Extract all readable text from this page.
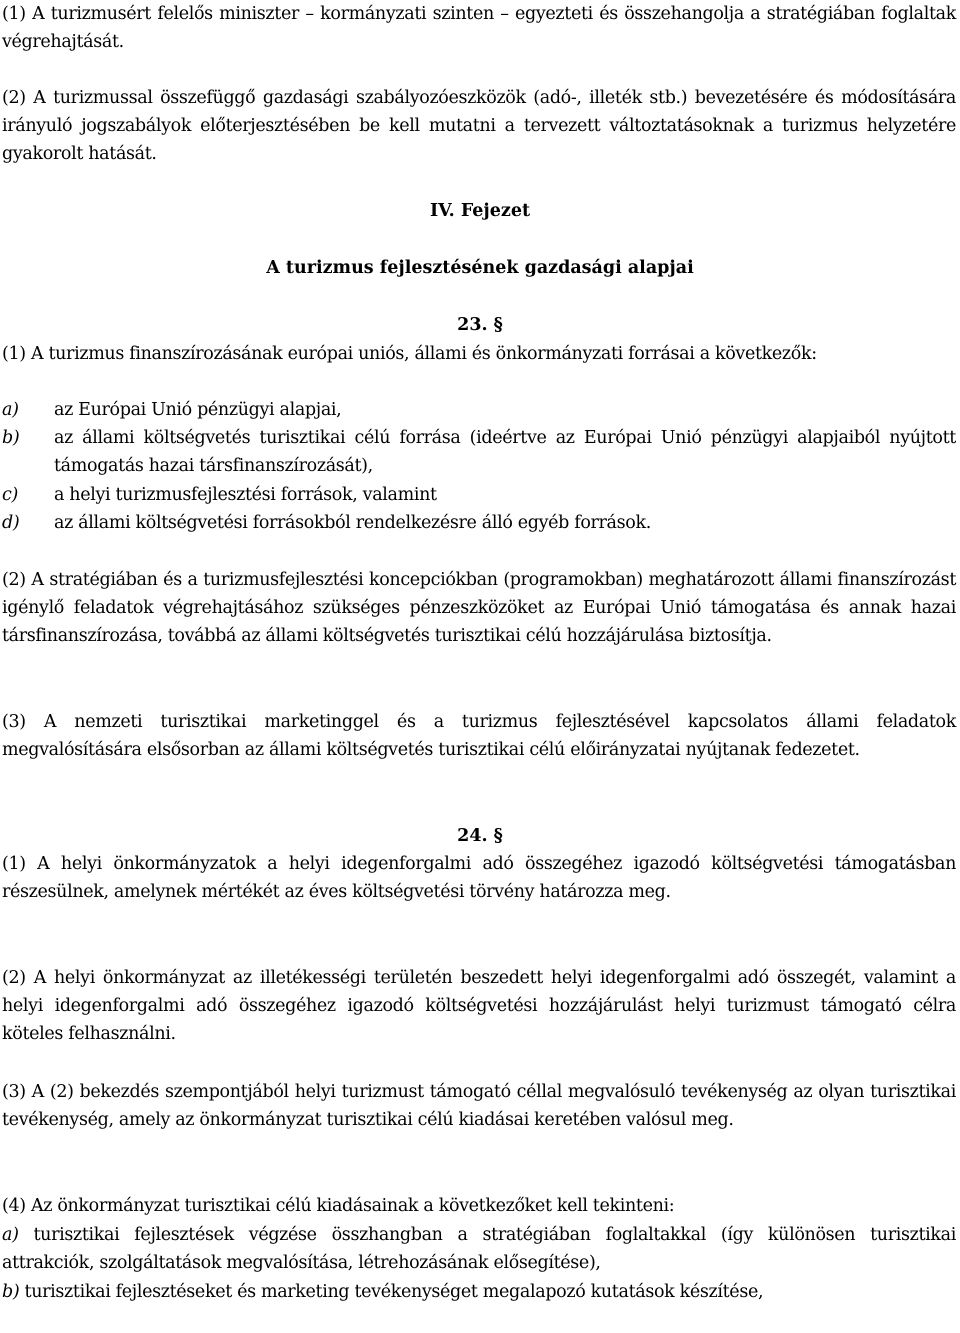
(1) A turizmusért felelős miniszter – kormányzati szinten – egyezteti és összehangolja a stratégiában foglaltak végrehajtását.

(2) A turizmussal összefüggő gazdasági szabályozóeszközök (adó-, illeték stb.) bevezetésére és módosítására irányuló jogszabályok előterjesztésében be kell mutatni a tervezett változtatásoknak a turizmus helyzetére gyakorolt hatását.

IV. Fejezet

A turizmus fejlesztésének gazdasági alapjai

23. §

(1) A turizmus finanszírozásának európai uniós, állami és önkormányzati forrásai a következők:

a)	az Európai Unió pénzügyi alapjai,
b)	az állami költségvetés turisztikai célú forrása (ideértve az Európai Unió pénzügyi alapjaiból nyújtott támogatás hazai társfinanszírozását),
c)	a helyi turizmusfejlesztési források, valamint
d)	az állami költségvetési forrásokból rendelkezésre álló egyéb források.

(2) A stratégiában és a turizmusfejlesztési koncepciókban (programokban) meghatározott állami finanszírozást igénylő feladatok végrehajtásához szükséges pénzeszközöket az Európai Unió támogatása és annak hazai társfinanszírozása, továbbá az állami költségvetés turisztikai célú hozzájárulása biztosítja.

(3) A nemzeti turisztikai marketinggel és a turizmus fejlesztésével kapcsolatos állami feladatok megvalósítására elsősorban az állami költségvetés turisztikai célú előirányzatai nyújtanak fedezetet.

24. §

(1) A helyi önkormányzatok a helyi idegenforgalmi adó összegéhez igazodó költségvetési támogatásban részesülnek, amelynek mértékét az éves költségvetési törvény határozza meg.

(2) A helyi önkormányzat az illetékességi területén beszedett helyi idegenforgalmi adó összegét, valamint a helyi idegenforgalmi adó összegéhez igazodó költségvetési hozzájárulást helyi turizmust támogató célra köteles felhasználni.

(3) A (2) bekezdés szempontjából helyi turizmust támogató céllal megvalósuló tevékenység az olyan turisztikai tevékenység, amely az önkormányzat turisztikai célú kiadásai keretében valósul meg.

(4) Az önkormányzat turisztikai célú kiadásainak a következőket kell tekinteni:

a) turisztikai fejlesztések végzése összhangban a stratégiában foglaltakkal (így különösen turisztikai attrakciók, szolgáltatások megvalósítása, létrehozásának elősegítése),

b) turisztikai fejlesztéseket és marketing tevékenységet megalapozó kutatások készítése,
